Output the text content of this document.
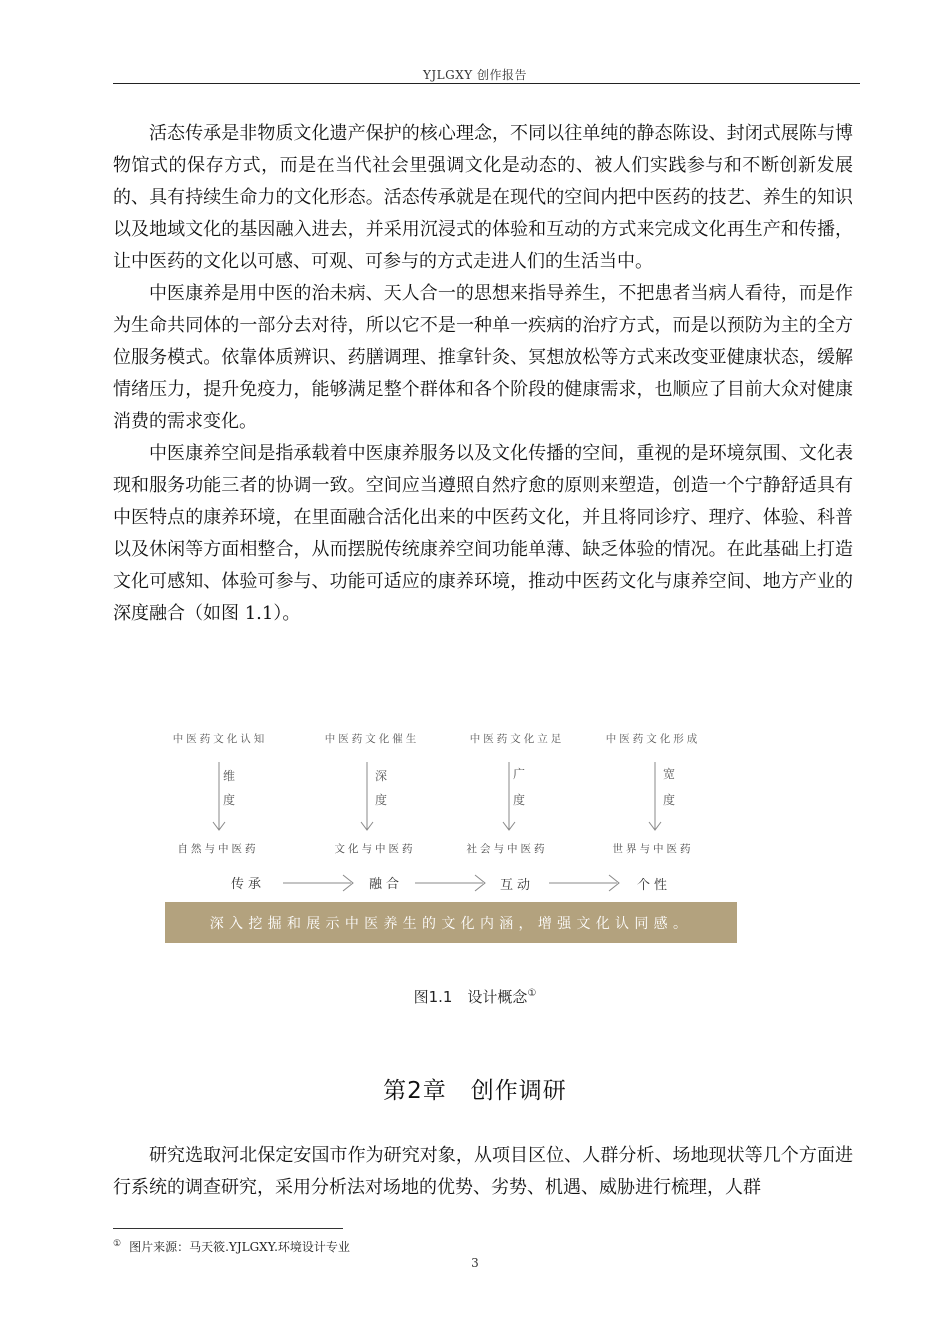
YJLGXY 创作报告

活态传承是非物质文化遗产保护的核心理念，不同以往单纯的静态陈设、封闭式展陈与博物馆式的保存方式，而是在当代社会里强调文化是动态的、被人们实践参与和不断创新发展的、具有持续生命力的文化形态。活态传承就是在现代的空间内把中医药的技艺、养生的知识以及地域文化的基因融入进去，并采用沉浸式的体验和互动的方式来完成文化再生产和传播，让中医药的文化以可感、可观、可参与的方式走进人们的生活当中。

中医康养是用中医的治未病、天人合一的思想来指导养生，不把患者当病人看待，而是作为生命共同体的一部分去对待，所以它不是一种单一疾病的治疗方式，而是以预防为主的全方位服务模式。依靠体质辨识、药膳调理、推拿针灸、冥想放松等方式来改变亚健康状态，缓解情绪压力，提升免疫力，能够满足整个群体和各个阶段的健康需求，也顺应了目前大众对健康消费的需求变化。

中医康养空间是指承载着中医康养服务以及文化传播的空间，重视的是环境氛围、文化表现和服务功能三者的协调一致。空间应当遵照自然疗愈的原则来塑造，创造一个宁静舒适具有中医特点的康养环境，在里面融合活化出来的中医药文化，并且将同诊疗、理疗、体验、科普以及休闲等方面相整合，从而摆脱传统康养空间功能单薄、缺乏体验的情况。在此基础上打造文化可感知、体验可参与、功能可适应的康养环境，推动中医药文化与康养空间、地方产业的深度融合（如图 1.1）。

中医药文化认知
维
度
自然与中医药
传承
中医药文化催生
深
度
文化与中医药
融合
中医药文化立足
广
度
社会与中医药
互动
中医药文化形成
宽
度
世界与中医药
个性
深入挖掘和展示中医养生的文化内涵，增强文化认同感。
图1.1　设计概念①
第2章　创作调研

研究选取河北保定安国市作为研究对象，从项目区位、人群分析、场地现状等几个方面进行系统的调查研究，采用分析法对场地的优势、劣势、机遇、威胁进行梳理，人群

① 图片来源：马天筱.YJLGXY.环境设计专业
3
